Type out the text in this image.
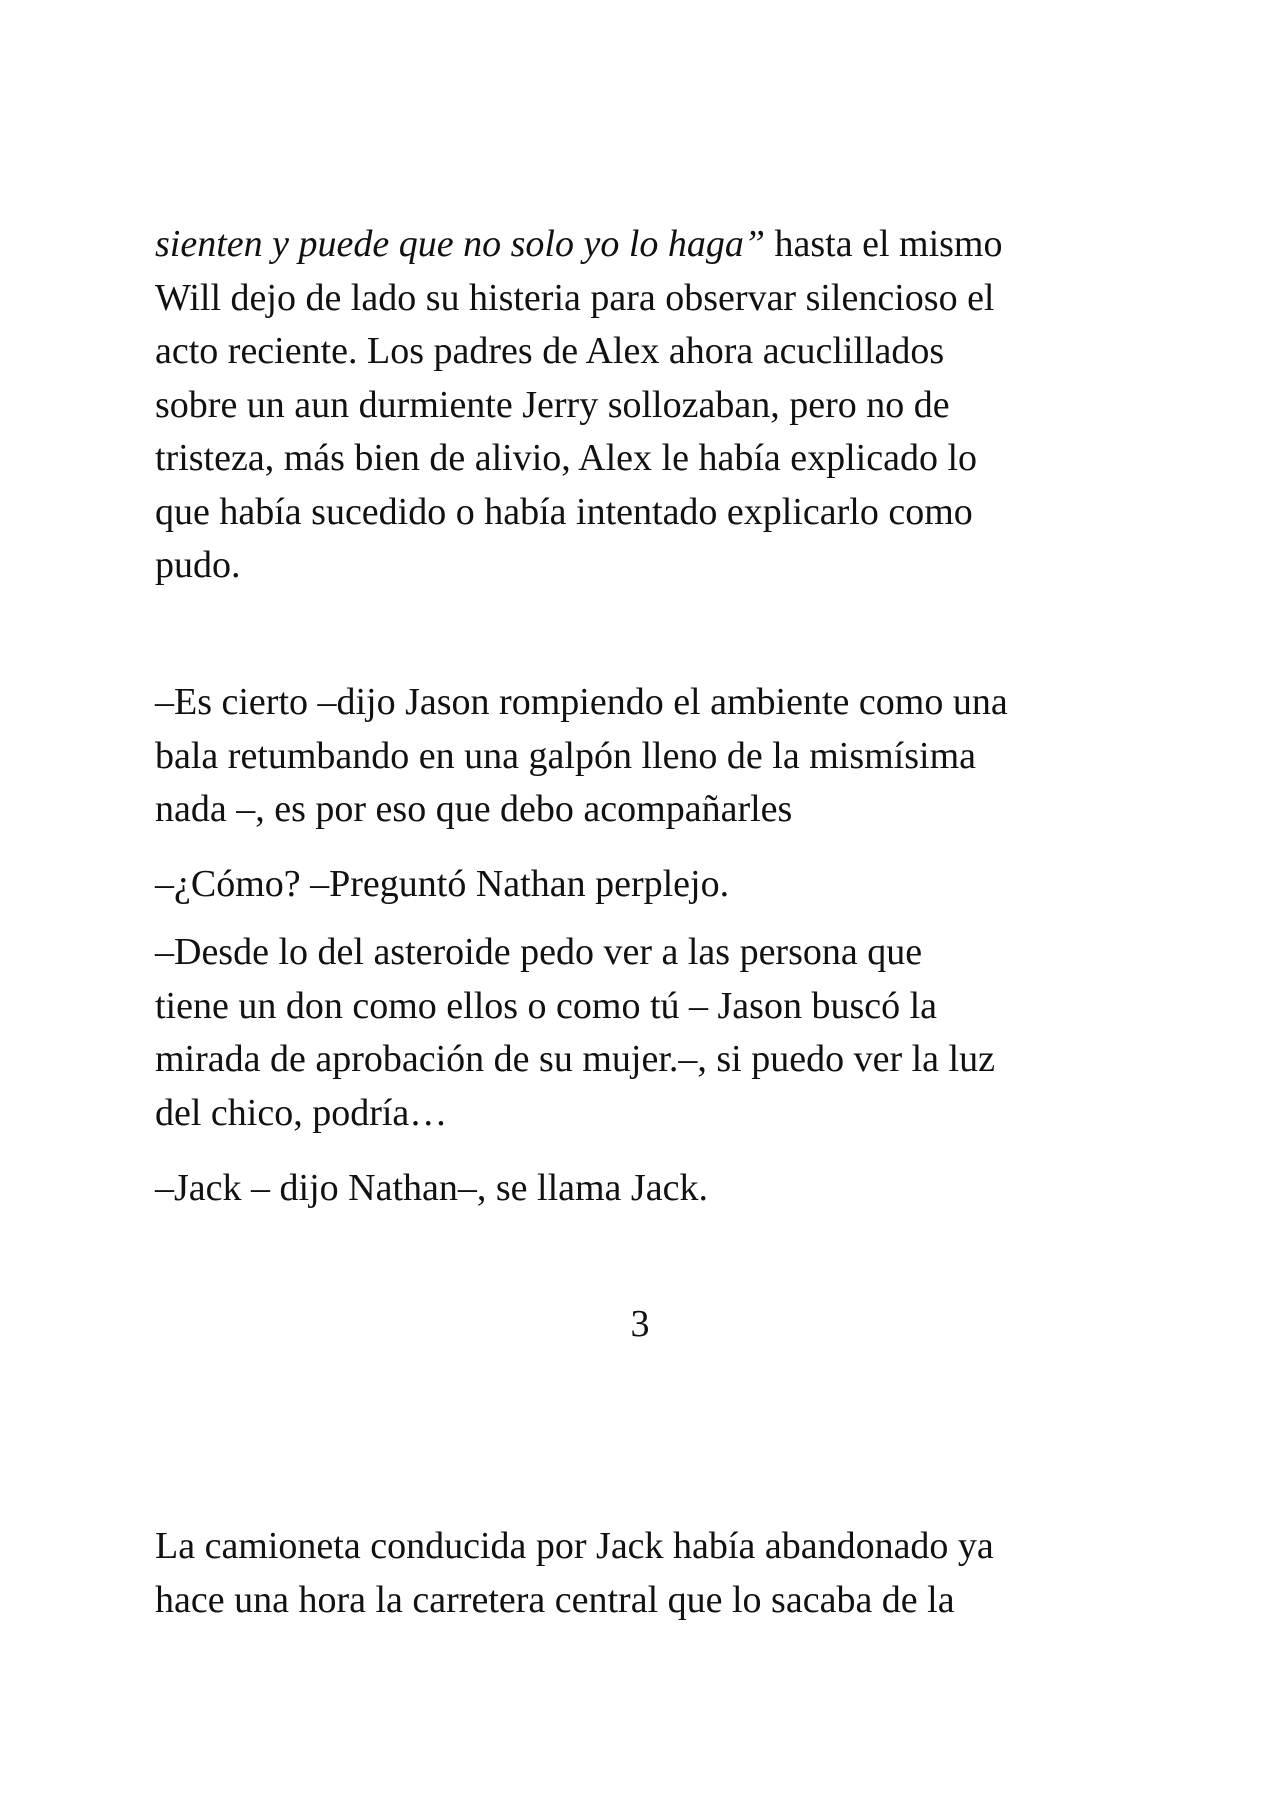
sienten y puede que no solo yo lo haga” hasta el mismo
Will dejo de lado su histeria para observar silencioso el
acto reciente. Los padres de Alex ahora acuclillados
sobre un aun durmiente Jerry sollozaban, pero no de
tristeza, más bien de alivio, Alex le había explicado lo
que había sucedido o había intentado explicarlo como
pudo.

–Es cierto –dijo Jason rompiendo el ambiente como una
bala retumbando en una galpón lleno de la mismísima
nada –, es por eso que debo acompañarles

–¿Cómo? –Preguntó Nathan perplejo.

–Desde lo del asteroide pedo ver a las persona que
tiene un don como ellos o como tú – Jason buscó la
mirada de aprobación de su mujer.–, si puedo ver la luz
del chico, podría…

–Jack – dijo Nathan–, se llama Jack.

3

La camioneta conducida por Jack había abandonado ya
hace una hora la carretera central que lo sacaba de la
